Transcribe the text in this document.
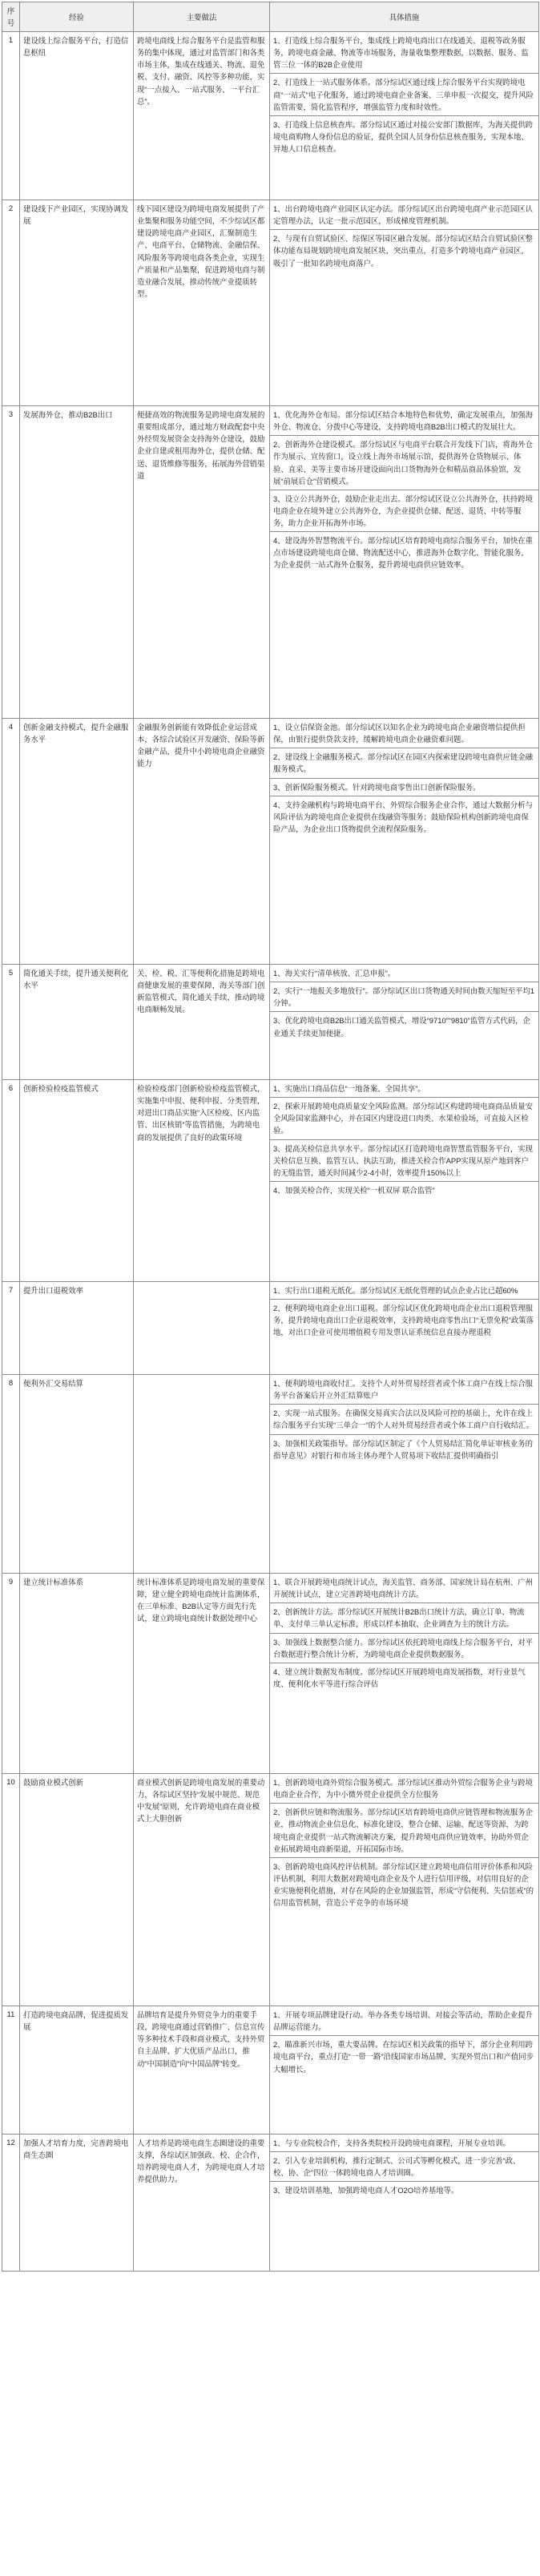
序号	经验	主要做法	具体措施
1	建设线上综合服务平台，打造信息枢纽	跨境电商线上综合服务平台是监管和服务的集中体现，通过对监管部门和各类市场主体，集成在线通关、物流、退免税、支付、融资、风控等多种功能，实现“一点接入、一站式服务、一平台汇总”。	1、打造线上综合服务平台，集成线上跨境电商出口在线通关、退税等政务服务，跨境电商金融、物流等市场服务，海量收集整理数据，以数据、服务、监管三位一体的B2B企业使用

2、打造线上一站式服务体系。部分综试区通过线上综合服务平台实现跨境电商“一站式”电子化服务，通过跨境电商企业备案、三单申报一次提交，提升风险监管需要，简化监管程序，增强监管力度和时效性。

3、打造线上信息核查库。部分综试区通过对接公安部门数据库，为海关提供跨境电商购物人身份信息的验证，提供全国人员身份信息核查服务，实现本地、异地人口信息核查。

2	建设线下产业园区，实现协调发展	线下园区建设为跨境电商发展提供了产业集聚和服务功能空间，不少综试区都建设跨境电商产业园区，汇聚制造生产、电商平台、仓储物流、金融信保、风险服务等跨境电商各类企业，实现生产质量和产品集聚，促进跨境电商与制造业融合发展，推动传统产业提质转型。	1、出台跨境电商产业园区认定办法。部分综试区出台跨境电商产业示范园区认定管理办法，认定一批示范园区，形成梯度管理机制。

2、与现有自贸试验区、综保区等园区融合发展。部分综试区结合自贸试验区整体功能布局规划跨境电商发展区块，突出重点，打造多个跨境电商产业园区，吸引了一批知名跨境电商落户。

3	发展海外仓，推动B2B出口	便捷高效的物流服务是跨境电商发展的重要组成部分，通过地方财政配套中央外经贸发展资金支持海外仓建设，鼓励企业自建或租用海外仓，提供仓储、配送、退货维修等服务，拓展海外营销渠道	1、优化海外仓布局。部分综试区结合本地特色和优势，确定发展重点，加强海外仓、物流仓、分拨中心等建设，支持跨境电商B2B出口模式的发展壮大。

2、创新海外仓建设模式。部分综试区与电商平台联合开发线下门店，将海外仓作为展示、宣传窗口，设立线上海外市场展示馆，提供海外仓货物展示、体验、直采、美等主要市场开建设面向出口货物海外仓和精品商品体验馆，发展“前展后仓”营销模式。

3、设立公共海外仓，鼓励企业走出去。部分综试区设立公共海外仓，扶持跨境电商企业在境外建立公共海外仓，为企业提供仓储、配送、退货、中转等服务，助力企业开拓海外市场。

4、建设海外智慧物流平台。部分综试区培育跨境电商综合服务平台，加快在重点市场建设跨境电商仓储、物流配送中心，推进海外仓数字化、智能化服务，为企业提供一站式海外仓服务，提升跨境电商供应链效率。

4	创新金融支持模式，提升金融服务水平	金融服务创新能有效降低企业运营成本，各综合试验区开发融资、保险等新金融产品，提升中小跨境电商企业融资能力	1、设立信保资金池。部分综试区以知名企业为跨境电商企业融资增信提供担保，由银行提供贷款支持，缓解跨境电商企业融资难问题。

2、建设线上金融服务模式。部分综试区在园区内探索建设跨境电商供应链金融服务模式。

3、创新保险服务模式。针对跨境电商零售出口创新保险服务。

4、支持金融机构与跨境电商平台、外贸综合服务企业合作，通过大数据分析与风险评估为跨境电商企业提供在线融资等服务；鼓励保险机构创新跨境电商保险产品，为企业出口货物提供全流程保险服务。

5	简化通关手续，提升通关便利化水平	关、检、税、汇等便利化措施是跨境电商健康发展的重要保障，海关等部门创新监管模式，简化通关手续，推动跨境电商顺畅发展。	1、海关实行“清单核放、汇总申报”。

2、实行“一地报关多地放行”。部分综试区出口货物通关时间由数天缩短至平均1分钟。

3、优化跨境电商B2B出口通关监管模式，增设“9710”“9810”监管方式代码，企业通关手续更加便捷。

6	创新检验检疫监管模式	检验检疫部门创新检验检疫监管模式，实施集中申报、便利申报、分类管理，对进出口商品实施“入区检疫、区内监管、出区核销”等监管措施，为跨境电商的发展提供了良好的政策环境	1、实施出口商品信息“一地备案、全国共享”。

2、探索开展跨境电商质量安全风险监测。部分综试区构建跨境电商商品质量安全风险国家监测中心，并在园区内建设进口肉类、水果检验场，可直接入区检验。

3、提高关检信息共享水平。部分综试区打造跨境电商智慧监管服务平台，实现关检信息互换、监管互认、执法互助，推进关检合作APP实现从原产地到客户的无缝监管，通关时间减少2-4小时，效率提升150%以上

4、加强关检合作，实现关检“一机双屏 联合监管”

7	提升出口退税效率		1、实行出口退税无纸化。部分综试区无纸化管理的试点企业占比已超60%

2、便利跨境电商企业出口退税。部分综试区优化跨境电商企业出口退税管理服务，提升跨境电商出口企业退税效率，支持跨境电商零售出口“无票免税”政策落地，对出口企业可使用增值税专用发票认证系统信息直接办理退税

8	便利外汇交易结算		1、便利跨境电商收付汇。支持个人对外贸易经营者或个体工商户在线上综合服务平台备案后开立外汇结算账户

2、实现一站式服务。在确保交易真实合法以及风险可控的基础上，允许在线上综合服务平台实现“三单合一”的个人对外贸易经营者或个体工商户自行收结汇。

3、加强相关政策指导。部分综试区制定了《个人贸易结汇简化单证审核业务的指导意见》对银行和市场主体办理个人贸易项下收结汇提供明确指引

9	建立统计标准体系	统计标准体系是跨境电商发展的重要保障，建立健全跨境电商统计监测体系，在三单标准、B2B认定等方面先行先试，建立跨境电商统计数据处理中心	1、联合开展跨境电商统计试点，海关监管、商务部、国家统计局在杭州、广州开展统计试点，建立完善跨境电商统计方法。

2、创新统计方法。部分综试区开展统计B2B出口统计方法，确立订单、物流单、支付单三单认定标准，形成以样本抽取、企业调查为主的统计方法。

3、加强线上数据整合能力。部分综试区依托跨境电商线上综合服务平台，对平台数据进行整合统计分析，为跨境电商企业提供数据服务。

4、建立统计数据发布制度。部分综试区开展跨境电商发展指数，对行业景气度、便利化水平等进行综合评估

10	鼓励商业模式创新	商业模式创新是跨境电商发展的重要动力，各综试区坚持“发展中规范、规范中发展”原则，允许跨境电商在商业模式上大胆创新	1、创新跨境电商外贸综合服务模式。部分综试区推动外贸综合服务企业与跨境电商企业合作，为中小微外贸企业提供全方位服务

2、创新供应链和物流服务。部分综试区培育跨境电商供应链管理和物流服务企业，推动物流企业信息化、标准化建设，整合仓储、运输、配送等资源，为跨境电商企业提供一站式物流解决方案，提升跨境电商供应链效率，协助外贸企业拓展跨境电商新渠道，开拓国际市场。

3、创新跨境电商风控评估机制。部分综试区建立跨境电商信用评价体系和风险评估机制，利用大数据对跨境电商企业及个人进行信用评级，对信用良好的企业实施便利化措施，对存在风险的企业加强监管，形成“守信便利、失信惩戒”的信用监管机制，营造公平竞争的市场环境

11	打造跨境电商品牌，促进提质发展	品牌培育是提升外贸竞争力的重要手段，跨境电商通过营销推广、信息宣传等多种技术手段和商业模式，支持外贸自主品牌、扩大优质产品出口，推动“中国制造”向“中国品牌”转变。	1、开展专项品牌建设行动。举办各类专场培训、对接会等活动，帮助企业提升品牌运营能力。

2、瞄准新兴市场，重大要品牌。在综试区相关政策的指导下，部分企业利用跨境电商平台，重点打造“一带一路”沿线国家市场品牌，实现外贸出口和产值同步大幅增长。

12	加强人才培育力度，完善跨境电商生态圈	人才培养是跨境电商生态圈建设的重要支撑，各综试区加强政、校、企合作，培养跨境电商人才，为跨境电商人才培养提供助力。	1、与专业院校合作，支持各类院校开设跨境电商课程，开展专业培训。

2、引入专业培训机构，推行定制式、公司式等孵化模式，进一步完善“政、校、协、企”四位一体跨境电商人才培训圈。

3、建设培训基地，加强跨境电商人才O2O培养基地等。
